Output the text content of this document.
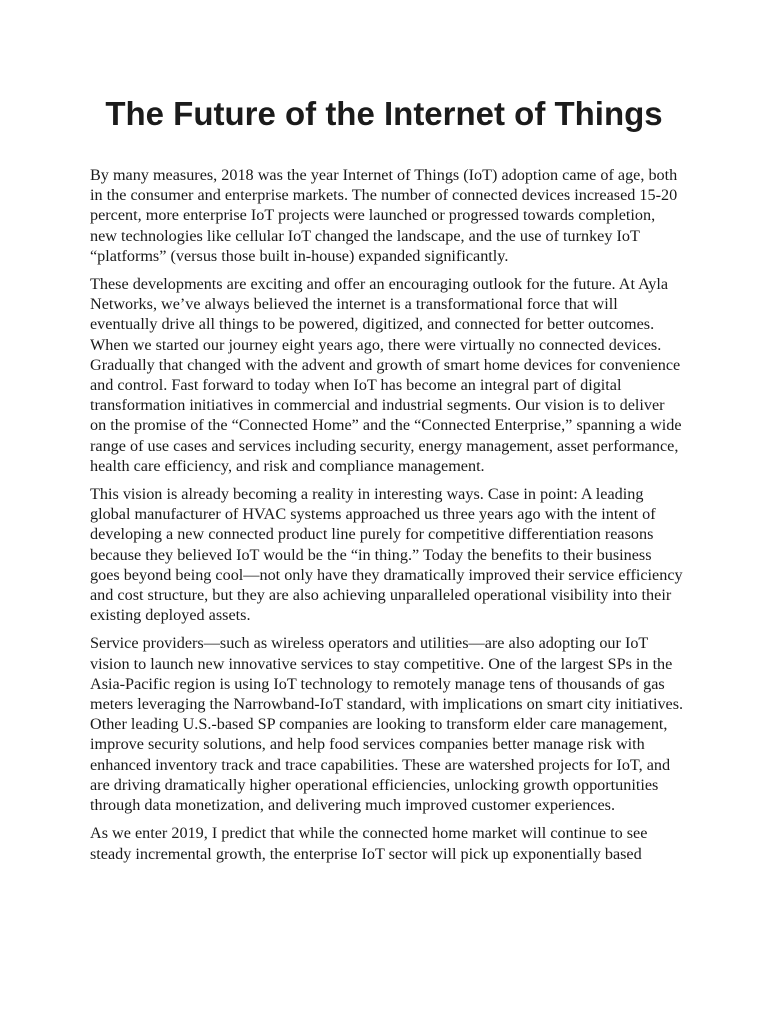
The Future of the Internet of Things

By many measures, 2018 was the year Internet of Things (IoT) adoption came of age, both in the consumer and enterprise markets. The number of connected devices increased 15-20 percent, more enterprise IoT projects were launched or progressed towards completion, new technologies like cellular IoT changed the landscape, and the use of turnkey IoT “platforms” (versus those built in-house) expanded significantly.

These developments are exciting and offer an encouraging outlook for the future. At Ayla Networks, we’ve always believed the internet is a transformational force that will eventually drive all things to be powered, digitized, and connected for better outcomes. When we started our journey eight years ago, there were virtually no connected devices. Gradually that changed with the advent and growth of smart home devices for convenience and control. Fast forward to today when IoT has become an integral part of digital transformation initiatives in commercial and industrial segments. Our vision is to deliver on the promise of the “Connected Home” and the “Connected Enterprise,” spanning a wide range of use cases and services including security, energy management, asset performance, health care efficiency, and risk and compliance management.

This vision is already becoming a reality in interesting ways. Case in point: A leading global manufacturer of HVAC systems approached us three years ago with the intent of developing a new connected product line purely for competitive differentiation reasons because they believed IoT would be the “in thing.” Today the benefits to their business goes beyond being cool—not only have they dramatically improved their service efficiency and cost structure, but they are also achieving unparalleled operational visibility into their existing deployed assets.

Service providers—such as wireless operators and utilities—are also adopting our IoT vision to launch new innovative services to stay competitive. One of the largest SPs in the Asia-Pacific region is using IoT technology to remotely manage tens of thousands of gas meters leveraging the Narrowband-IoT standard, with implications on smart city initiatives. Other leading U.S.-based SP companies are looking to transform elder care management, improve security solutions, and help food services companies better manage risk with enhanced inventory track and trace capabilities. These are watershed projects for IoT, and are driving dramatically higher operational efficiencies, unlocking growth opportunities through data monetization, and delivering much improved customer experiences.

As we enter 2019, I predict that while the connected home market will continue to see steady incremental growth, the enterprise IoT sector will pick up exponentially based
